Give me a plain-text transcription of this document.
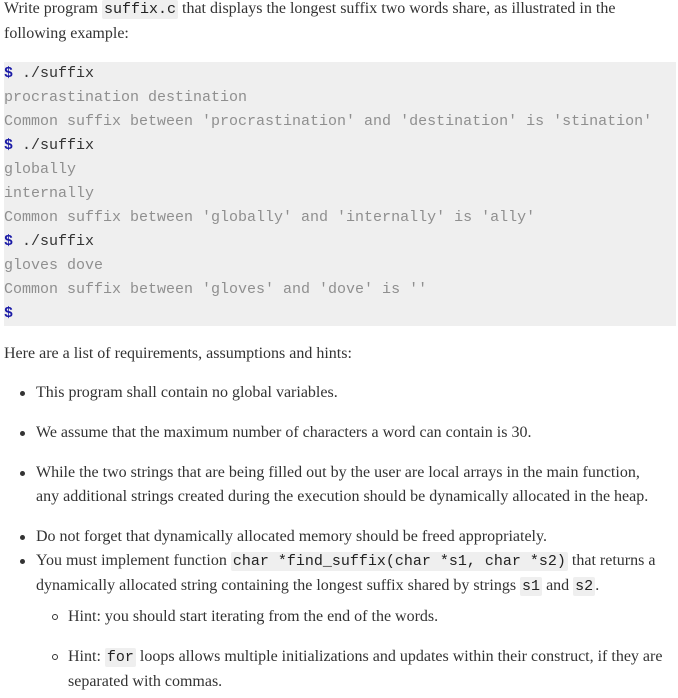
Write program suffix.c that displays the longest suffix two words share, as illustrated in the following example:

$ ./suffix
procrastination destination
Common suffix between 'procrastination' and 'destination' is 'stination'
$ ./suffix
globally
internally
Common suffix between 'globally' and 'internally' is 'ally'
$ ./suffix
gloves dove
Common suffix between 'gloves' and 'dove' is ''
$

Here are a list of requirements, assumptions and hints:

This program shall contain no global variables.
We assume that the maximum number of characters a word can contain is 30.
While the two strings that are being filled out by the user are local arrays in the main function, any additional strings created during the execution should be dynamically allocated in the heap.
Do not forget that dynamically allocated memory should be freed appropriately.
You must implement function char *find_suffix(char *s1, char *s2) that returns a dynamically allocated string containing the longest suffix shared by strings s1 and s2 .
Hint: you should start iterating from the end of the words.
Hint: for loops allows multiple initializations and updates within their construct, if they are separated with commas.
